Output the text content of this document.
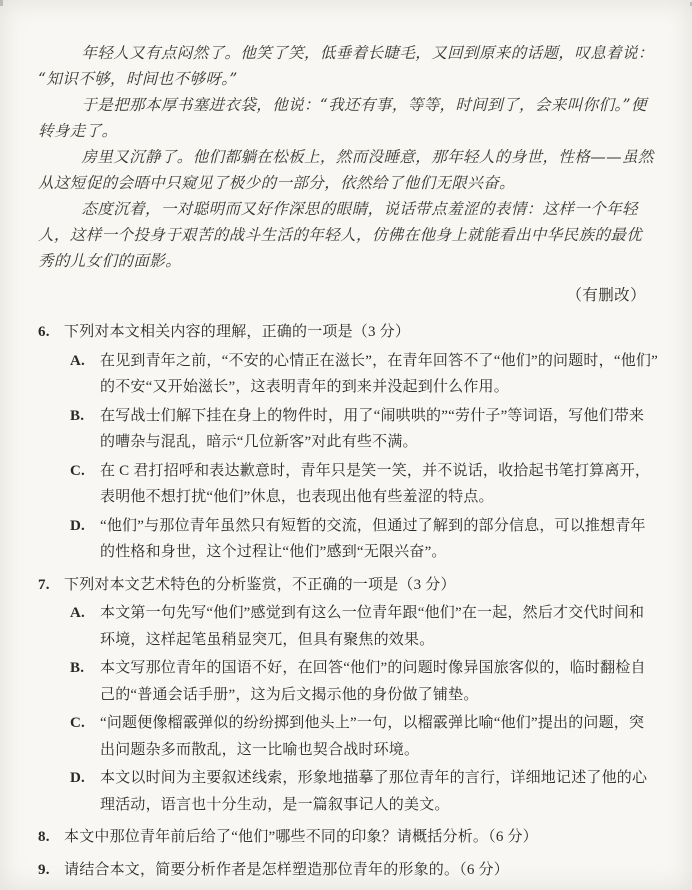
年轻人又有点闷然了。他笑了笑，低垂着长睫毛，又回到原来的话题，叹息着说：“知识不够，时间也不够呀。”

于是把那本厚书塞进衣袋，他说：“我还有事，等等，时间到了，会来叫你们。”便转身走了。

房里又沉静了。他们都躺在松板上，然而没睡意，那年轻人的身世，性格——虽然从这短促的会晤中只窥见了极少的一部分，依然给了他们无限兴奋。

态度沉着，一对聪明而又好作深思的眼睛，说话带点羞涩的表情：这样一个年轻人，这样一个投身于艰苦的战斗生活的年轻人，仿佛在他身上就能看出中华民族的最优秀的儿女们的面影。

（有删改）

6. 下列对本文相关内容的理解，正确的一项是（3 分）
A.	在见到青年之前，“不安的心情正在滋长”，在青年回答不了“他们”的问题时，“他们”的不安“又开始滋长”，这表明青年的到来并没起到什么作用。
B.	在写战士们解下挂在身上的物件时，用了“闹哄哄的”“劳什子”等词语，写他们带来的嘈杂与混乱，暗示“几位新客”对此有些不满。
C.	在 C 君打招呼和表达歉意时，青年只是笑一笑，并不说话，收拾起书笔打算离开，表明他不想打扰“他们”休息，也表现出他有些羞涩的特点。
D.	“他们”与那位青年虽然只有短暂的交流，但通过了解到的部分信息，可以推想青年的性格和身世，这个过程让“他们”感到“无限兴奋”。
7. 下列对本文艺术特色的分析鉴赏，不正确的一项是（3 分）
A.	本文第一句先写“他们”感觉到有这么一位青年跟“他们”在一起，然后才交代时间和环境，这样起笔虽稍显突兀，但具有聚焦的效果。
B.	本文写那位青年的国语不好，在回答“他们”的问题时像异国旅客似的，临时翻检自己的“普通会话手册”，这为后文揭示他的身份做了铺垫。
C.	“问题便像榴霰弹似的纷纷掷到他头上”一句，以榴霰弹比喻“他们”提出的问题，突出问题杂多而散乱，这一比喻也契合战时环境。
D.	本文以时间为主要叙述线索，形象地描摹了那位青年的言行，详细地记述了他的心理活动，语言也十分生动，是一篇叙事记人的美文。
8. 本文中那位青年前后给了“他们”哪些不同的印象？请概括分析。（6 分）
9. 请结合本文，简要分析作者是怎样塑造那位青年的形象的。（6 分）
